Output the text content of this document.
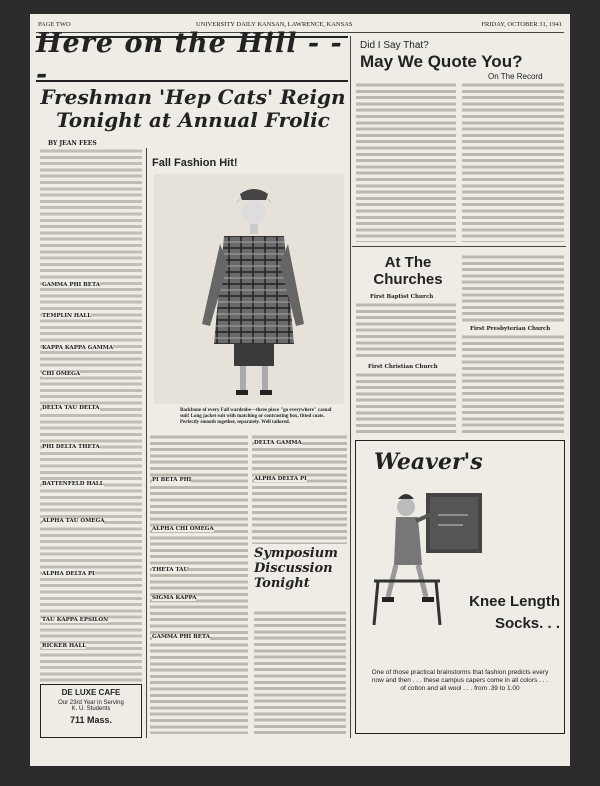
PAGE TWO	UNIVERSITY DAILY KANSAN, LAWRENCE, KANSAS	FRIDAY, OCTOBER 31, 1941
Here on the Hill - - -
Freshman 'Hep Cats' Reign Tonight at Annual Frolic
BY JEAN FEES
GAMMA PHI BETA
TEMPLIN HALL
KAPPA KAPPA GAMMA
CHI OMEGA
DELTA TAU DELTA
PHI DELTA THETA
BATTENFELD HALL
ALPHA TAU OMEGA
ALPHA DELTA PI
TAU KAPPA EPSILON
RICKER HALL
DE LUXE CAFE
Our 23rd Year in Serving
K. U. Students
711 Mass.
Fall Fashion Hit!
Backbone of every Fall wardrobe—three piece "go everywhere" casual suit! Long jacket suit with matching or contrasting box, fitted coats. Perfectly smooth together, separately. Well tailored.
PI BETA PHI
ALPHA CHI OMEGA
THETA TAU
SIGMA KAPPA
GAMMA PHI BETA
DELTA GAMMA
ALPHA DELTA PI
Symposium Discussion Tonight
Did I Say That?
May We Quote You?
On The Record
At The Churches
First Baptist Church
First Christian Church
First Presbyterian Church
Weaver's
Knee Length Socks. . .
One of those practical brainstorms that fashion predicts every now and then . . . these campus capers come in all colors . . . of cotton and all wool . . . from .39 to 1.00
